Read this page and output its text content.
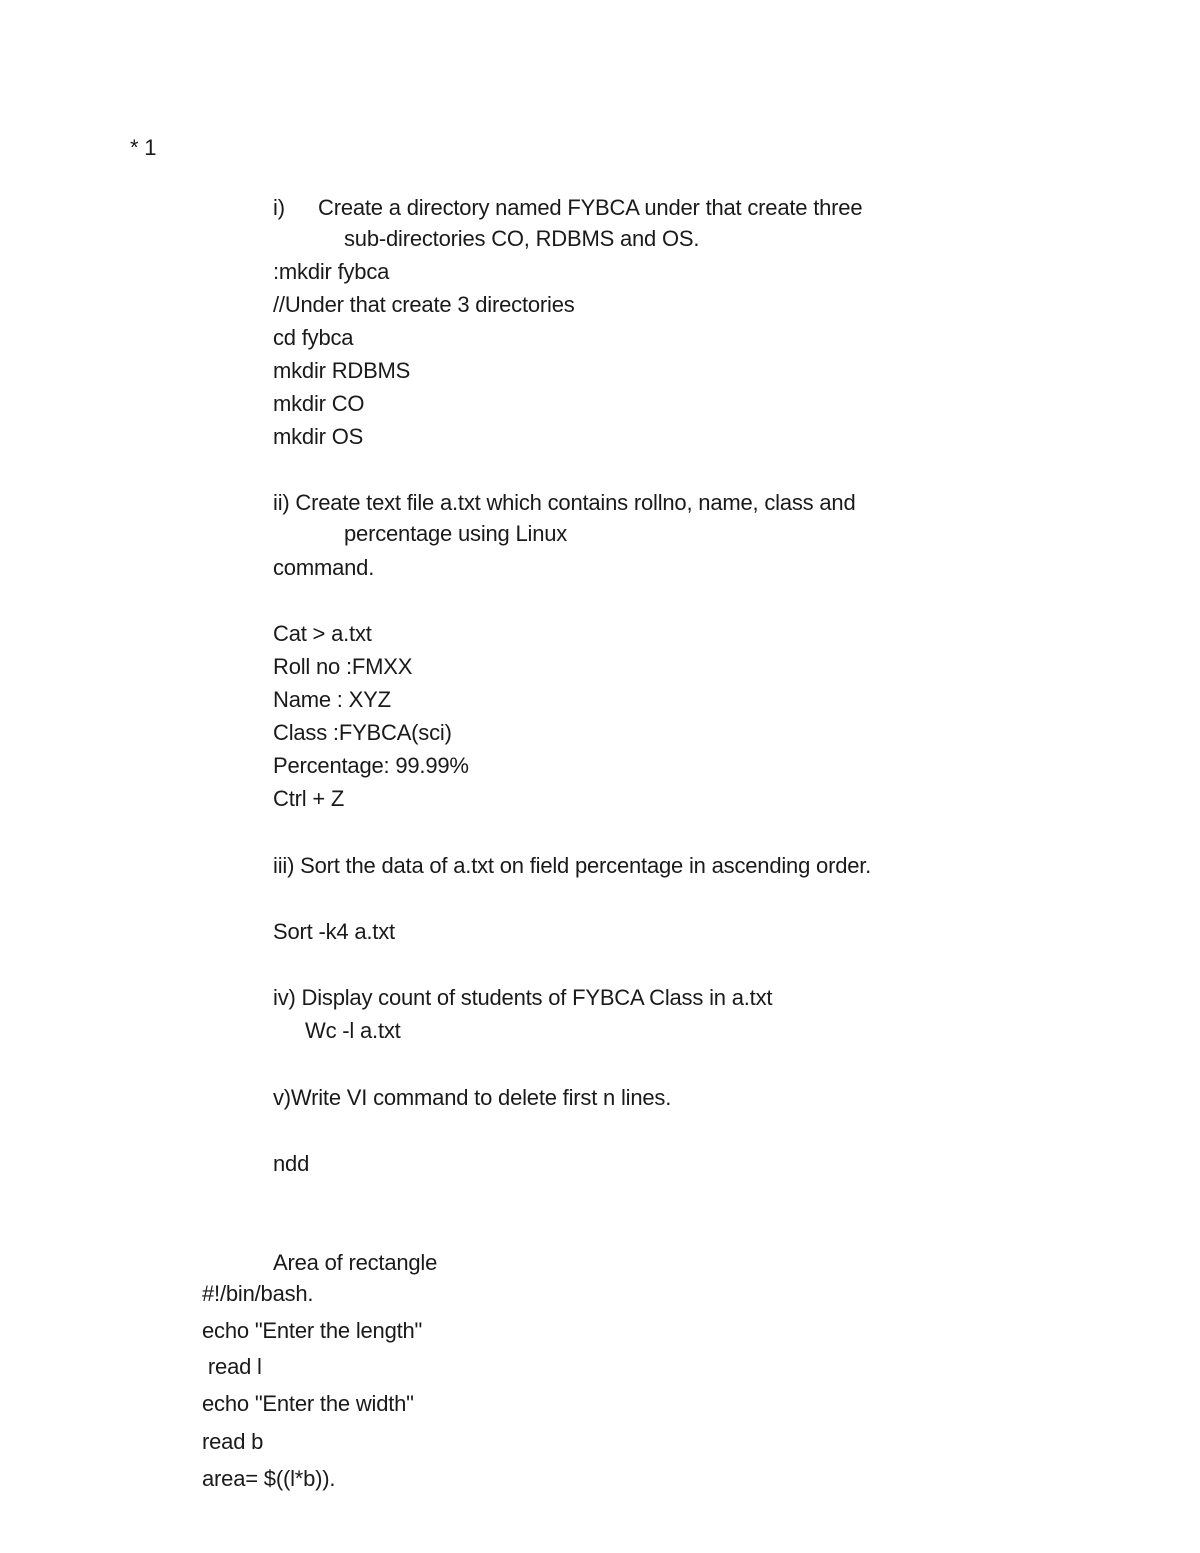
* 1
i) Create a directory named FYBCA under that create three
sub-directories CO, RDBMS and OS.
:mkdir fybca
//Under that create 3 directories
cd fybca
mkdir RDBMS
mkdir CO
mkdir OS
ii) Create text file a.txt which contains rollno, name, class and
percentage using Linux
command.
Cat > a.txt
Roll no :FMXX
Name : XYZ
Class :FYBCA(sci)
Percentage: 99.99%
Ctrl + Z
iii) Sort the data of a.txt on field percentage in ascending order.
Sort -k4 a.txt
iv) Display count of students of FYBCA Class in a.txt
Wc -l a.txt
v)Write VI command to delete first n lines.
ndd
Area of rectangle
#!/bin/bash.
echo "Enter the length"
read l
echo "Enter the width"
read b
area= $((l*b)).
